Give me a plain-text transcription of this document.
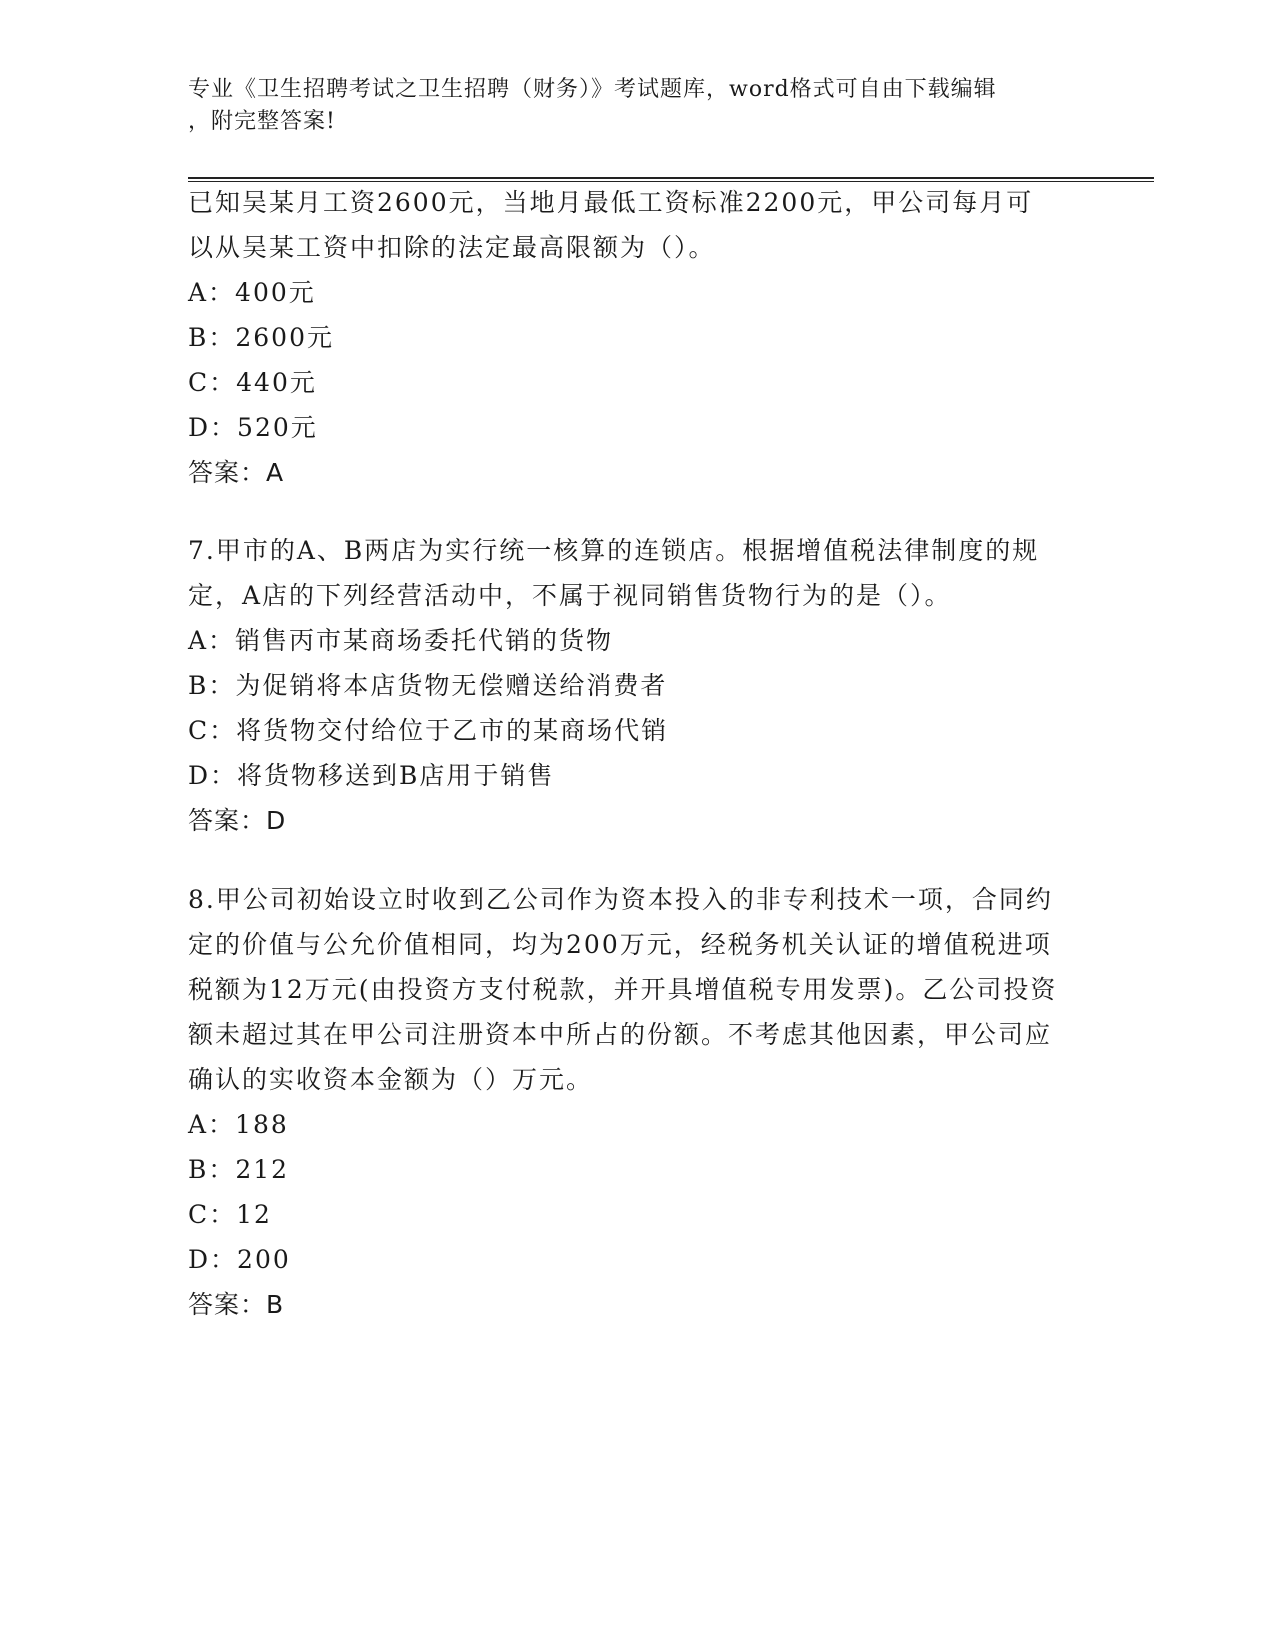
专业《卫生招聘考试之卫生招聘（财务）》考试题库，word格式可自由下载编辑
，附完整答案!

已知吴某月工资2600元，当地月最低工资标准2200元，甲公司每月可以从吴某工资中扣除的法定最高限额为（）。

A：400元

B：2600元

C：440元

D：520元

答案：A

7.甲市的A、B两店为实行统一核算的连锁店。根据增值税法律制度的规定，A店的下列经营活动中，不属于视同销售货物行为的是（）。

A：销售丙市某商场委托代销的货物

B：为促销将本店货物无偿赠送给消费者

C：将货物交付给位于乙市的某商场代销

D：将货物移送到B店用于销售

答案：D

8.甲公司初始设立时收到乙公司作为资本投入的非专利技术一项，合同约定的价值与公允价值相同，均为200万元，经税务机关认证的增值税进项税额为12万元(由投资方支付税款，并开具增值税专用发票)。乙公司投资额未超过其在甲公司注册资本中所占的份额。不考虑其他因素，甲公司应确认的实收资本金额为（）万元。

A：188

B：212

C：12

D：200

答案：B
